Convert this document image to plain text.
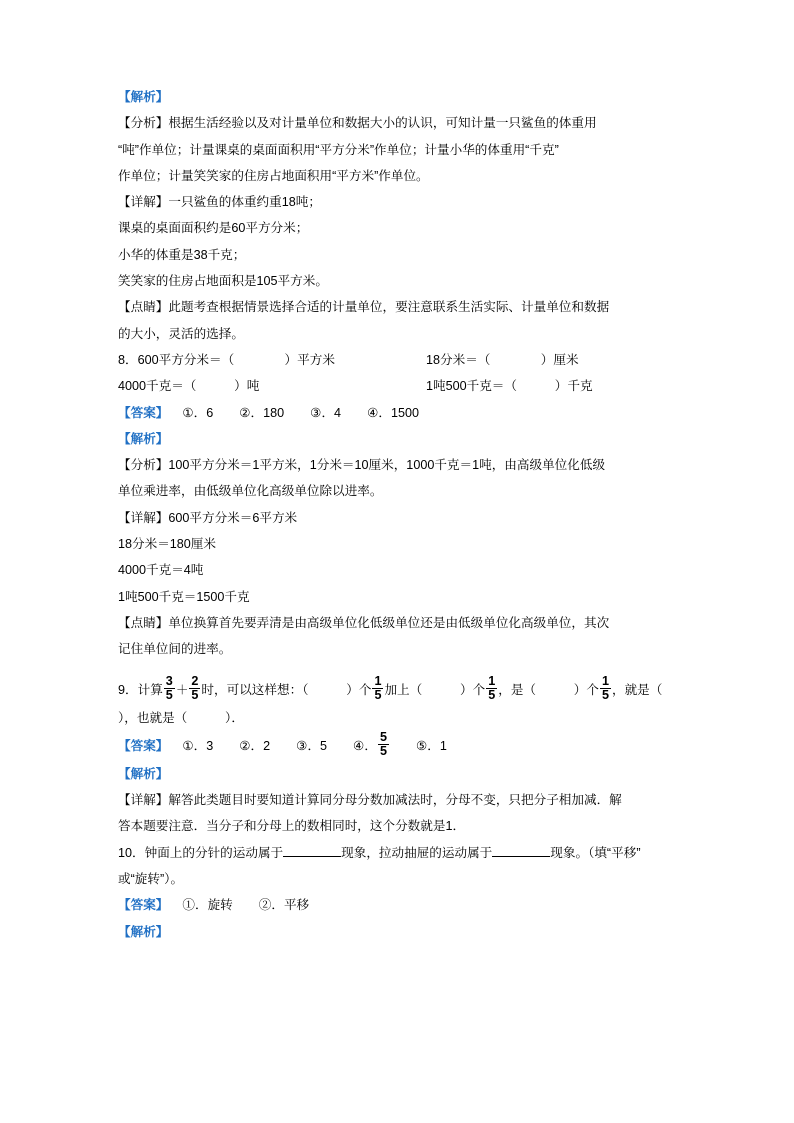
【解析】
【分析】根据生活经验以及对计量单位和数据大小的认识，可知计量一只鲨鱼的体重用
“吨”作单位；计量课桌的桌面面积用“平方分米”作单位；计量小华的体重用“千克”
作单位；计量笑笑家的住房占地面积用“平方米”作单位。
【详解】一只鲨鱼的体重约重18吨；
课桌的桌面面积约是60平方分米；
小华的体重是38千克；
笑笑家的住房占地面积是105平方米。
【点睛】此题考查根据情景选择合适的计量单位，要注意联系生活实际、计量单位和数据
的大小，灵活的选择。
8．600平方分米＝（　　　　）平方米	18分米＝（　　　　）厘米
4000千克＝（　　　）吨	1吨500千克＝（　　　）千克
【答案】 ①．6 ②．180 ③．4 ④．1500
【解析】
【分析】100平方分米＝1平方米，1分米＝10厘米，1000千克＝1吨，由高级单位化低级
单位乘进率，由低级单位化高级单位除以进率。
【详解】600平方分米＝6平方米
18分米＝180厘米
4000千克＝4吨
1吨500千克＝1500千克
【点睛】单位换算首先要弄清是由高级单位化低级单位还是由低级单位化高级单位，其次
记住单位间的进率。
9．计算 $\frac{3}{5} + \frac{2}{5}$ 时，可以这样想：（　　　）个 $\frac{1}{5}$ 加上（　　　）个 $\frac{1}{5}$ ，是（　　　）个 $\frac{1}{5}$ ，就是（
），也就是（　　　）．
【答案】 ①．3 ②．2 ③．5 ④． $\frac{5}{5}$ ⑤．1
【解析】
【详解】解答此类题目时要知道计算同分母分数加减法时，分母不变，只把分子相加减．解
答本题要注意．当分子和分母上的数相同时，这个分数就是1．
10．钟面上的分针的运动属于	现象，拉动抽屉的运动属于	现象。（填“平移”
或“旋转”）。
【答案】 ①．旋转 ②．平移
【解析】
